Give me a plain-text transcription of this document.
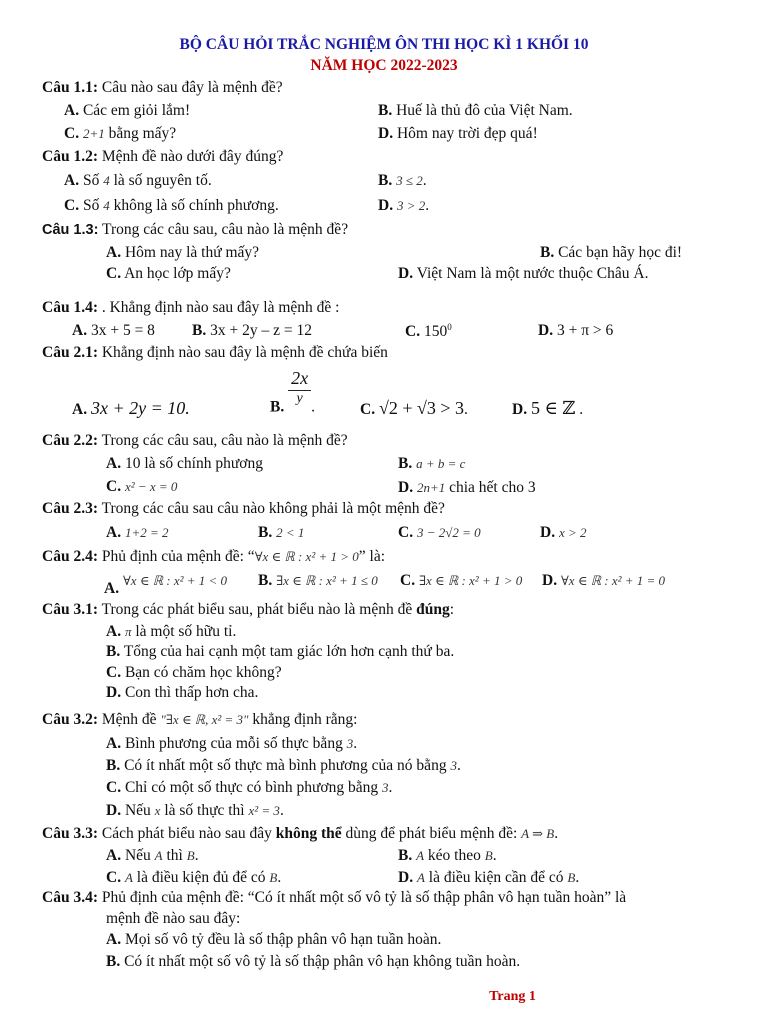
BỘ CÂU HỎI TRẮC NGHIỆM ÔN THI HỌC KÌ 1 KHỐI 10
NĂM HỌC 2022-2023
Câu 1.1: Câu nào sau đây là mệnh đề?
A. Các em giỏi lắm!	B. Huế là thủ đô của Việt Nam.
C. 2+1 bằng mấy?	D. Hôm nay trời đẹp quá!
Câu 1.2: Mệnh đề nào dưới đây đúng?
A. Số 4 là số nguyên tố.	B. 3 ≤ 2.
C. Số 4 không là số chính phương.	D. 3 > 2.
Câu 1.3: Trong các câu sau, câu nào là mệnh đề?
A. Hôm nay là thứ mấy?	B. Các bạn hãy học đi!
C. An học lớp mấy?	D. Việt Nam là một nước thuộc Châu Á.
Câu 1.4: . Khẳng định nào sau đây là mệnh đề :
A. 3x + 5 = 8 B. 3x + 2y – z = 12	C. $150^0$	D. 3 + π > 6
Câu 2.1: Khẳng định nào sau đây là mệnh đề chứa biến
A. 3x + 2y = 10.	B. $\frac{2x}{y}$ .	C. √2 + √3 > 3.	D. 5 ∈ ℤ .
Câu 2.2: Trong các câu sau, câu nào là mệnh đề?
A. 10 là số chính phương	B. a + b = c
C. x² − x = 0	D. 2n+1 chia hết cho 3
Câu 2.3: Trong các câu sau câu nào không phải là một mệnh đề?
A. 1+2 = 2	B. 2 < 1	C. 3 − 2√2 = 0	D. x > 2
Câu 2.4: Phủ định của mệnh đề: “∀x ∈ ℝ : x² + 1 > 0” là:
A. ∀x ∈ ℝ : x² + 1 < 0 B. ∃x ∈ ℝ : x² + 1 ≤ 0 C. ∃x ∈ ℝ : x² + 1 > 0 D. ∀x ∈ ℝ : x² + 1 = 0
Câu 3.1: Trong các phát biểu sau, phát biểu nào là mệnh đề đúng:
A. π là một số hữu tỉ.
B. Tổng của hai cạnh một tam giác lớn hơn cạnh thứ ba.
C. Bạn có chăm học không?
D. Con thì thấp hơn cha.
Câu 3.2: Mệnh đề "∃x ∈ ℝ, x² = 3" khẳng định rằng:
A. Bình phương của mỗi số thực bằng 3.
B. Có ít nhất một số thực mà bình phương của nó bằng 3.
C. Chỉ có một số thực có bình phương bằng 3.
D. Nếu x là số thực thì x² = 3.
Câu 3.3: Cách phát biểu nào sau đây không thể dùng để phát biểu mệnh đề: A ⇒ B.
A. Nếu A thì B.	B. A kéo theo B.
C. A là điều kiện đủ để có B.	D. A là điều kiện cần để có B.
Câu 3.4: Phủ định của mệnh đề: “Có ít nhất một số vô tỷ là số thập phân vô hạn tuần hoàn” là
mệnh đề nào sau đây:
A. Mọi số vô tỷ đều là số thập phân vô hạn tuần hoàn.
B. Có ít nhất một số vô tỷ là số thập phân vô hạn không tuần hoàn.
Trang 1
